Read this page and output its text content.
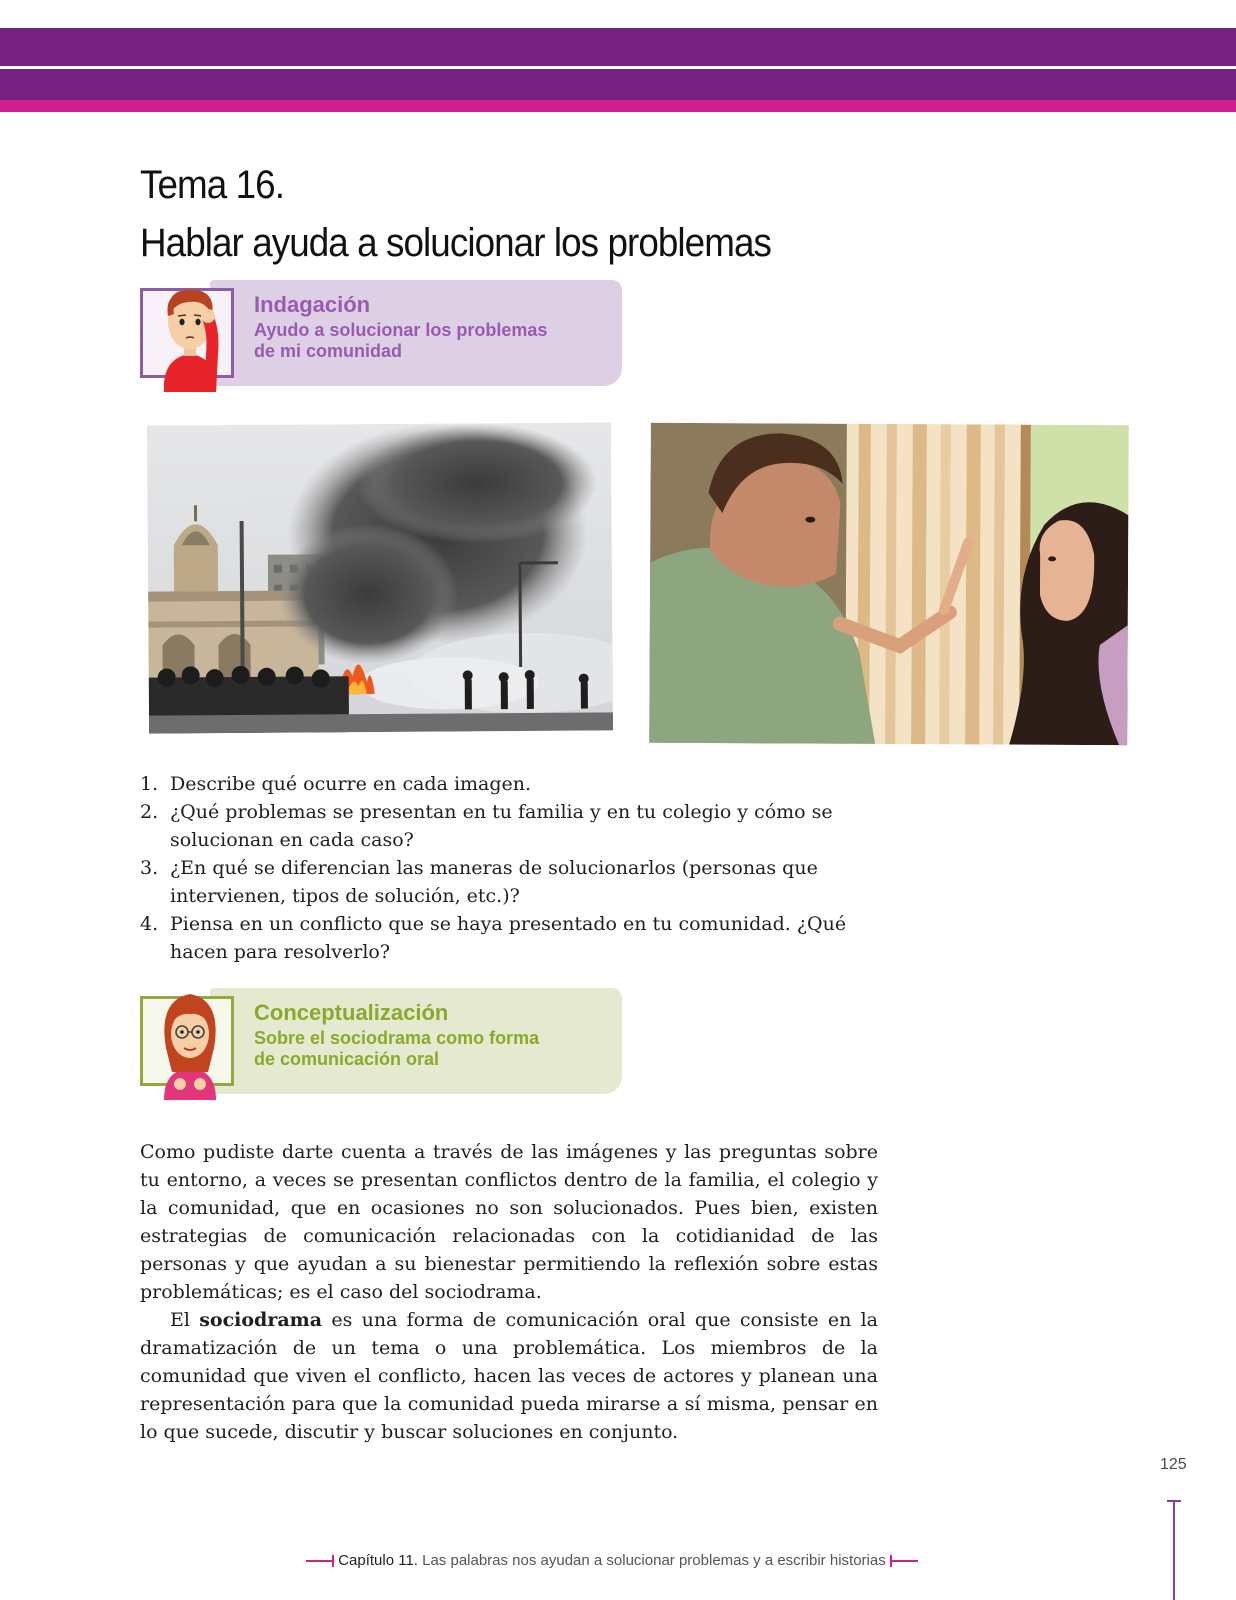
Tema 16.
Hablar ayuda a solucionar los problemas
Indagación
Ayudo a solucionar los problemas
de mi comunidad
1. Describe qué ocurre en cada imagen.
2. ¿Qué problemas se presentan en tu familia y en tu colegio y cómo se solucionan en cada caso?
3. ¿En qué se diferencian las maneras de solucionarlos (personas que intervienen, tipos de solución, etc.)?
4. Piensa en un conflicto que se haya presentado en tu comunidad. ¿Qué hacen para resolverlo?
Conceptualización
Sobre el sociodrama como forma
de comunicación oral

Como pudiste darte cuenta a través de las imágenes y las preguntas sobre tu entorno, a veces se presentan conflictos dentro de la familia, el colegio y la comunidad, que en ocasiones no son solucionados. Pues bien, existen estrategias de comunicación relacionadas con la cotidianidad de las personas y que ayudan a su bienestar permitiendo la reflexión sobre estas problemáticas; es el caso del sociodrama.

El sociodrama es una forma de comunicación oral que consiste en la dramatización de un tema o una problemática. Los miembros de la comunidad que viven el conflicto, hacen las veces de actores y planean una representación para que la comunidad pueda mirarse a sí misma, pensar en lo que sucede, discutir y buscar soluciones en conjunto.

125
Capítulo 11. Las palabras nos ayudan a solucionar problemas y a escribir historias
